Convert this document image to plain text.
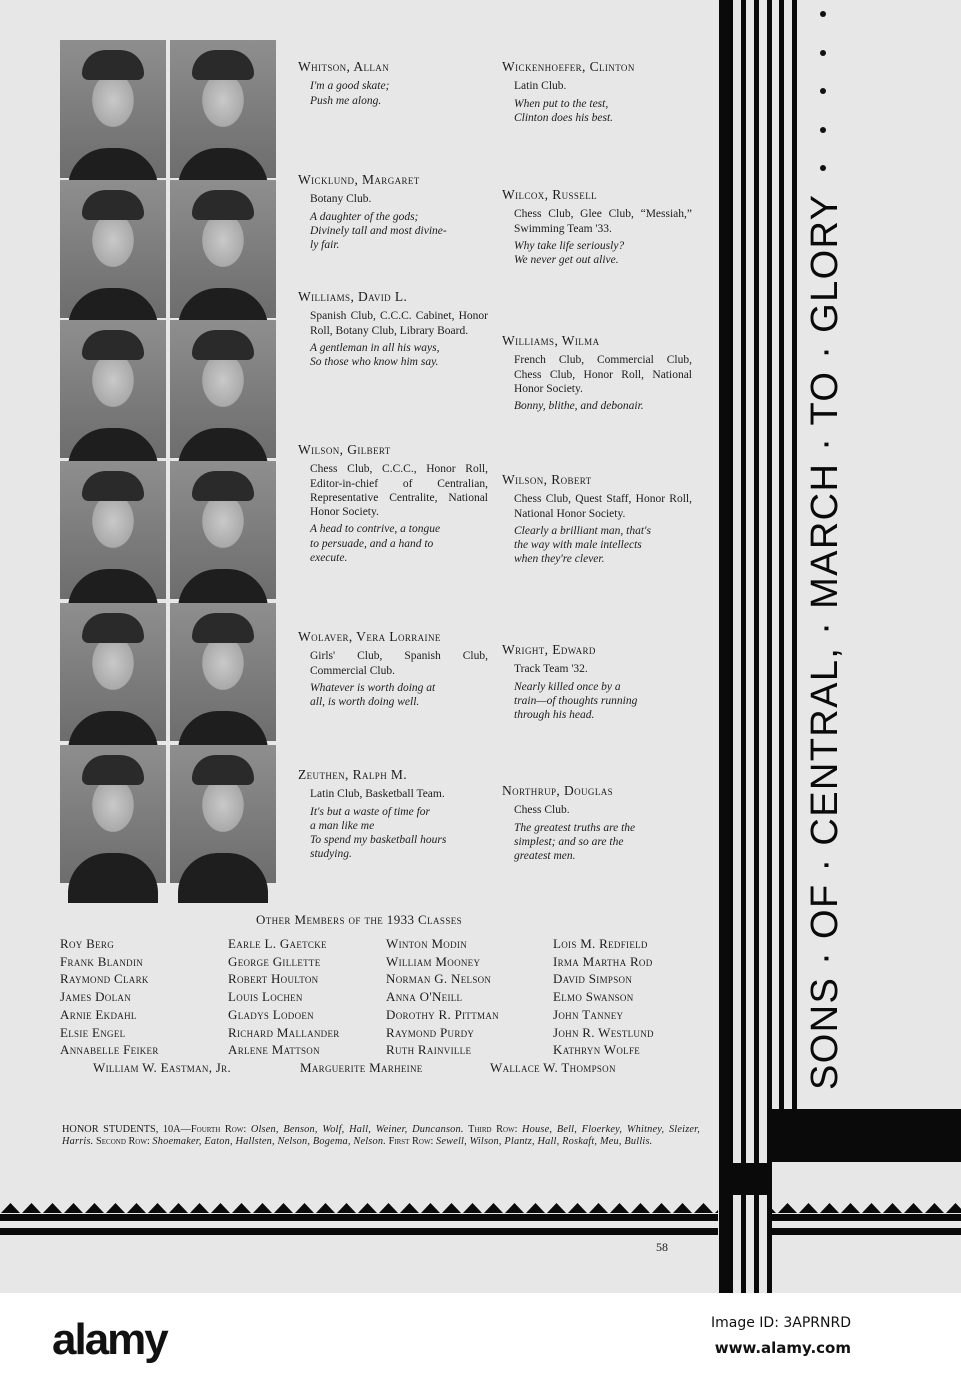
Whitson, Allan
I'm a good skate;
Push me along.
Wicklund, Margaret
Botany Club.
A daughter of the gods;
Divinely tall and most divine-
ly fair.
Williams, David L.
Spanish Club, C.C.C. Cabinet, Honor Roll, Botany Club, Library Board.
A gentleman in all his ways,
So those who know him say.
Wilson, Gilbert
Chess Club, C.C.C., Honor Roll, Editor-in-chief of Centralian, Representative Centralite, National Honor Society.
A head to contrive, a tongue
to persuade, and a hand to
execute.
Wolaver, Vera Lorraine
Girls' Club, Spanish Club, Commercial Club.
Whatever is worth doing at
all, is worth doing well.
Zeuthen, Ralph M.
Latin Club, Basketball Team.
It's but a waste of time for
a man like me
To spend my basketball hours
studying.
Wickenhoefer, Clinton
Latin Club.
When put to the test,
Clinton does his best.
Wilcox, Russell
Chess Club, Glee Club, “Messiah,” Swimming Team '33.
Why take life seriously?
We never get out alive.
Williams, Wilma
French Club, Commercial Club, Chess Club, Honor Roll, National Honor Society.
Bonny, blithe, and debonair.
Wilson, Robert
Chess Club, Quest Staff, Honor Roll, National Honor Society.
Clearly a brilliant man, that's
the way with male intellects
when they're clever.
Wright, Edward
Track Team '32.
Nearly killed once by a
train—of thoughts running
through his head.
Northrup, Douglas
Chess Club.
The greatest truths are the
simplest; and so are the
greatest men.
Other Members of the 1933 Classes
Roy Berg
Frank Blandin
Raymond Clark
James Dolan
Arnie Ekdahl
Elsie Engel
Annabelle Feiker
Earle L. Gaetcke
George Gillette
Robert Houlton
Louis Lochen
Gladys Lodoen
Richard Mallander
Arlene Mattson
Winton Modin
William Mooney
Norman G. Nelson
Anna O'Neill
Dorothy R. Pittman
Raymond Purdy
Ruth Rainville
Lois M. Redfield
Irma Martha Rod
David Simpson
Elmo Swanson
John Tanney
John R. Westlund
Kathryn Wolfe
William W. Eastman, Jr.	Marguerite Marheine	Wallace W. Thompson
HONOR STUDENTS, 10A—Fourth Row: Olsen, Benson, Wolf, Hall, Weiner, Duncanson. Third Row: House, Bell, Floerkey, Whitney, Sleizer, Harris. Second Row: Shoemaker, Eaton, Hallsten, Nelson, Bogema, Nelson. First Row: Sewell, Wilson, Plantz, Hall, Roskaft, Meu, Bullis.
SONS · OF · CENTRAL, · MARCH · TO · GLORY
58
alamy	Image ID: 3APRNRD
www.alamy.com
